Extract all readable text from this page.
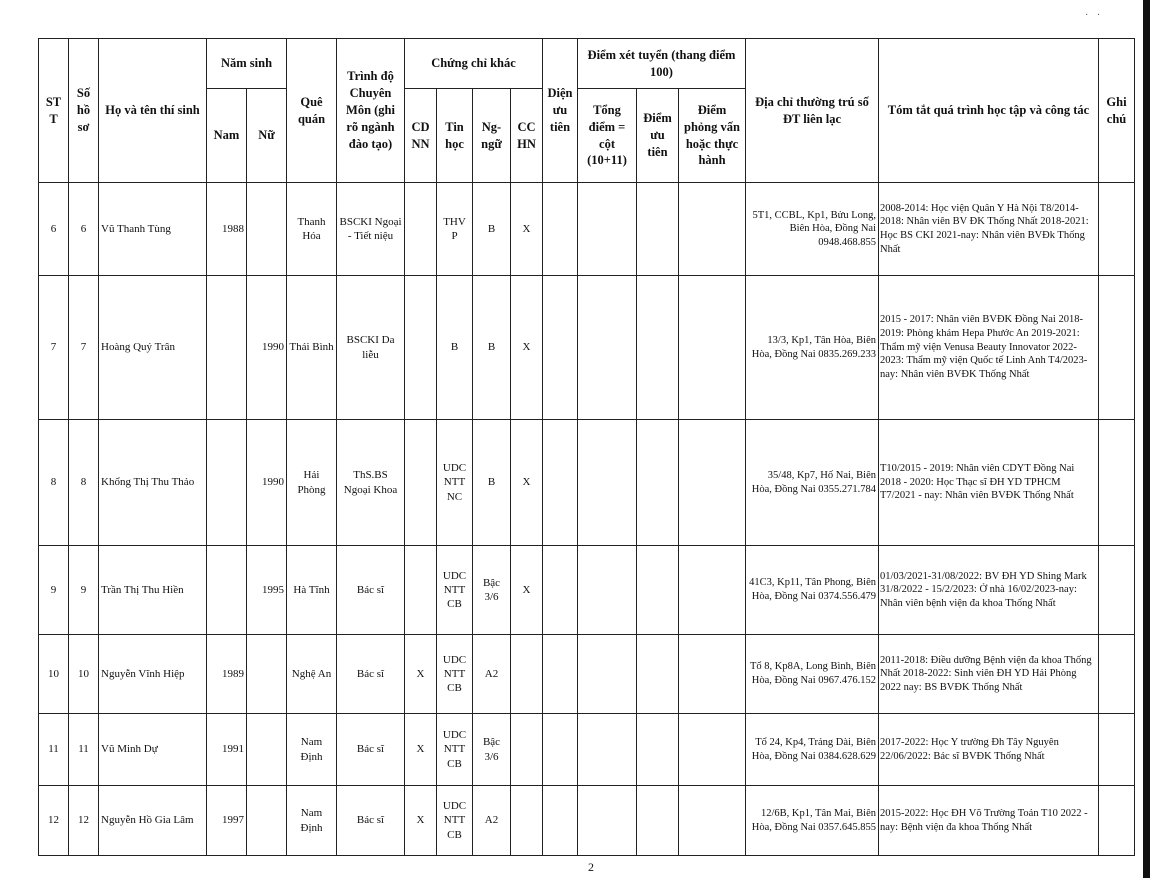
· ·
ST T	Số hồ sơ	Họ và tên thí sinh	Năm sinh		Quê quán	Trình độ Chuyên Môn (ghi rõ ngành đào tạo)	Chứng chỉ khác				Diện ưu tiên	Điểm xét tuyển (thang điểm 100)			Địa chỉ thường trú số ĐT liên lạc	Tóm tắt quá trình học tập và công tác	Ghi chú
			Nam	Nữ			CD NN	Tin học	Ng- ngữ	CC HN		Tổng điểm = cột (10+11)	Điểm ưu tiên	Điểm phỏng vấn hoặc thực hành			
6	6	Vũ Thanh Tùng	1988		Thanh Hóa	BSCKI Ngoại - Tiết niệu		THV P	B	X					5T1, CCBL, Kp1, Bửu Long, Biên Hòa, Đồng Nai 0948.468.855	2008-2014: Học viện Quân Y Hà Nội T8/2014-2018: Nhân viên BV ĐK Thống Nhất 2018-2021: Học BS CKI 2021-nay: Nhân viên BVĐk Thống Nhất	
7	7	Hoàng Quý Trân		1990	Thái Bình	BSCKI Da liễu		B	B	X					13/3, Kp1, Tân Hòa, Biên Hòa, Đồng Nai 0835.269.233	2015 - 2017: Nhân viên BVĐK Đồng Nai 2018-2019: Phòng khám Hepa Phước An 2019-2021: Thẩm mỹ viện Venusa Beauty Innovator 2022-2023: Thẩm mỹ viện Quốc tế Linh Anh T4/2023-nay: Nhân viên BVĐK Thống Nhất	
8	8	Khổng Thị Thu Thảo		1990	Hải Phòng	ThS.BS Ngoại Khoa		UDC NTT NC	B	X					35/48, Kp7, Hố Nai, Biên Hòa, Đồng Nai 0355.271.784	T10/2015 - 2019: Nhân viên CDYT Đồng Nai 2018 - 2020: Học Thạc sĩ ĐH YD TPHCM T7/2021 - nay: Nhân viên BVĐK Thống Nhất	
9	9	Trần Thị Thu Hiền		1995	Hà Tĩnh	Bác sĩ		UDC NTT CB	Bậc 3/6	X					41C3, Kp11, Tân Phong, Biên Hòa, Đồng Nai 0374.556.479	01/03/2021-31/08/2022: BV ĐH YD Shing Mark 31/8/2022 - 15/2/2023: Ở nhà 16/02/2023-nay: Nhân viên bệnh viện đa khoa Thống Nhất	
10	10	Nguyễn Vĩnh Hiệp	1989		Nghệ An	Bác sĩ	X	UDC NTT CB	A2						Tổ 8, Kp8A, Long Bình, Biên Hòa, Đồng Nai 0967.476.152	2011-2018: Điều dưỡng Bệnh viện đa khoa Thống Nhất 2018-2022: Sinh viên ĐH YD Hải Phòng 2022 nay: BS BVĐK Thống Nhất	
11	11	Vũ Minh Dự	1991		Nam Định	Bác sĩ	X	UDC NTT CB	Bậc 3/6						Tổ 24, Kp4, Trảng Dài, Biên Hòa, Đồng Nai 0384.628.629	2017-2022: Học Y trường Đh Tây Nguyên 22/06/2022: Bác sĩ BVĐK Thống Nhất	
12	12	Nguyễn Hồ Gia Lâm	1997		Nam Định	Bác sĩ	X	UDC NTT CB	A2						12/6B, Kp1, Tân Mai, Biên Hòa, Đồng Nai 0357.645.855	2015-2022: Học ĐH Võ Trường Toản T10 2022 - nay: Bệnh viện đa khoa Thống Nhất	
2
